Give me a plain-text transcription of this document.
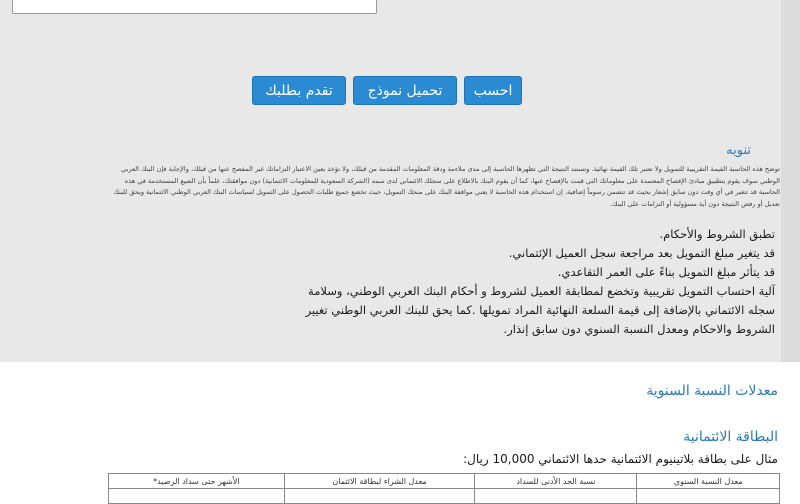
تقدم بطلبك	تحميل نموذج	احسب
تنويه
توضح هذه الحاسبة القيمة التقريبية للتمويل ولا تعتبر تلك القيمة نهائية. وتستند النتيجة التي تظهرها الحاسبة إلى مدى ملاءمة ودقة المعلومات المقدمة من قبلك، ولا تؤخذ بعين الاعتبار التزاماتك غير المفصح عنها من قبلك، والإجابة فإن البنك العربي الوطني سوف يقوم بتطبيق مبادئ الإفصاح المعتمدة على معلوماتك التي قمت بالإفصاح عنها، كما أن يقوم البنك بالاطلاع على سجلك الائتماني لدى سمه (الشركة السعودية للمعلومات الائتمانية) دون موافقتك، علماً بأن الصيغ المستخدمة في هذه الحاسبة قد تتغير في أي وقت دون سابق إشعار بحيث قد تتضمن رسوماً إضافية. إن استخدام هذه الحاسبة لا يعني موافقة البنك على منحك التمويل، حيث تخضع جميع طلبات الحصول على التمويل لسياسات البنك العربي الوطني الائتمانية ويحق للبنك تعديل أو رفض النتيجة دون أية مسؤولية أو التزامات على البنك.
تطبق الشروط والأحكام.
قد يتغير مبلغ التمويل بعد مراجعة سجل العميل الإئتماني.
قد يتأثر مبلغ التمويل بناءً على العمر التقاعدي.
آلية احتساب التمويل تقريبية وتخضع لمطابقة العميل لشروط و أحكام البنك العربي الوطني، وسلامة سجله الائتماني بالإضافة إلى قيمة السلعة النهائية المراد تمويلها .كما يحق للبنك العربي الوطني تغيير الشروط والاحكام ومعدل النسبة السنوي دون سابق إنذار.
معدلات النسبة السنوية
البطاقة الائتمانية
مثال على بطاقة بلاتينيوم الائتمانية حدها الائتماني 10,000 ريال:
معدل النسبة السنوي	نسبة الحد الأدنى للسداد	معدل الشراء لبطاقة الائتمان	الأشهر حتى سداد الرصيد*
